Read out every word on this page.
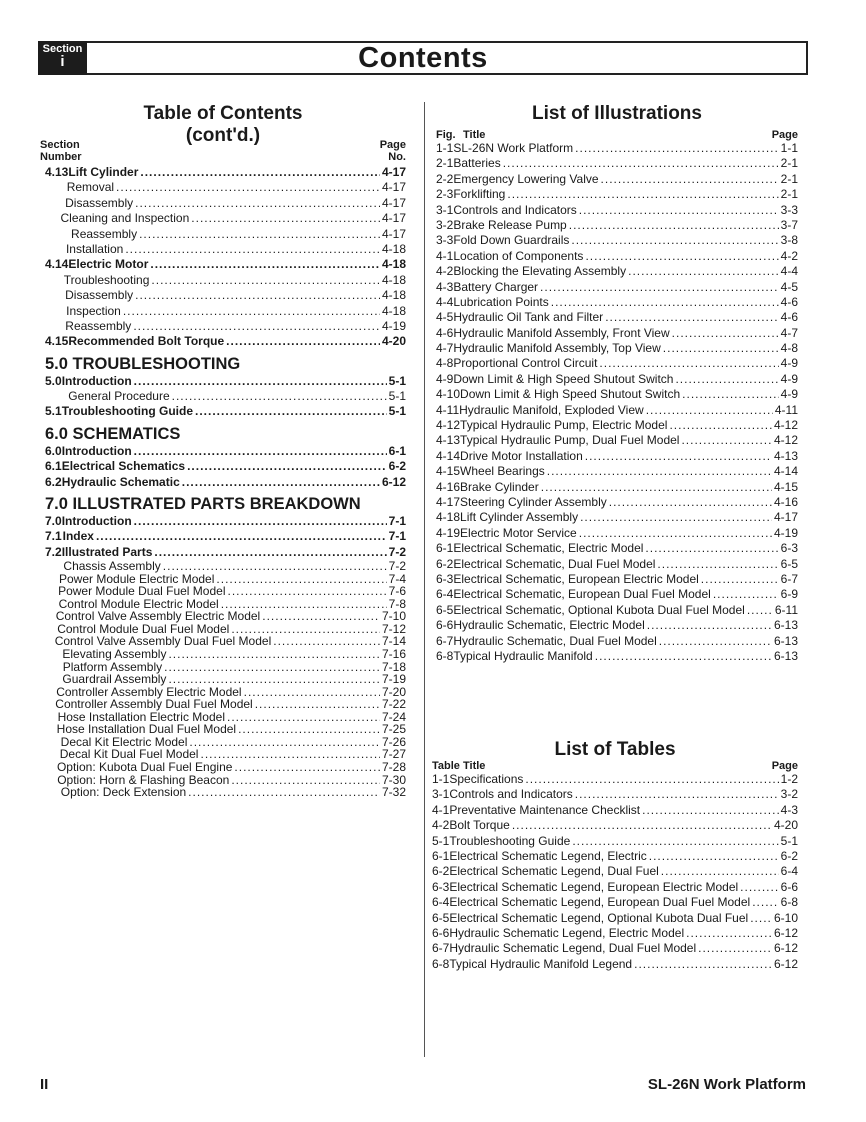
Section
i	Contents
Table of Contents
(cont'd.)
Section
Number
Page
No.
4.13 Lift Cylinder .....	4-17
Removal .....	4-17
Disassembly .....	4-17
Cleaning and Inspection .....	4-17
Reassembly .....	4-17
Installation .....	4-18
4.14 Electric Motor .....	4-18
Troubleshooting .....	4-18
Disassembly .....	4-18
Inspection .....	4-18
Reassembly .....	4-19
4.15 Recommended Bolt Torque .....	4-20
5.0 TROUBLESHOOTING
5.0 Introduction .....	5-1
General Procedure .....	5-1
5.1 Troubleshooting Guide .....	5-1
6.0 SCHEMATICS
6.0 Introduction .....	6-1
6.1 Electrical Schematics .....	6-2
6.2 Hydraulic Schematic .....	6-12
7.0 ILLUSTRATED PARTS BREAKDOWN
7.0 Introduction .....	7-1
7.1 Index .....	7-1
7.2 Illustrated Parts .....	7-2
Chassis Assembly .....	7-2
Power Module Electric Model .....	7-4
Power Module Dual Fuel Model .....	7-6
Control Module Electric Model .....	7-8
Control Valve Assembly Electric Model .....	7-10
Control Module Dual Fuel Model .....	7-12
Control Valve Assembly Dual Fuel Model .....	7-14
Elevating Assembly .....	7-16
Platform Assembly .....	7-18
Guardrail Assembly .....	7-19
Controller Assembly Electric Model .....	7-20
Controller Assembly Dual Fuel Model .....	7-22
Hose Installation Electric Model .....	7-24
Hose Installation Dual Fuel Model .....	7-25
Decal Kit Electric Model .....	7-26
Decal Kit Dual Fuel Model .....	7-27
Option: Kubota Dual Fuel Engine .....	7-28
Option: Horn & Flashing Beacon .....	7-30
Option: Deck Extension .....	7-32
List of Illustrations
Fig. Title	Page
1-1 SL-26N Work Platform .....	1-1
2-1 Batteries .....	2-1
2-2 Emergency Lowering Valve .....	2-1
2-3 Forklifting .....	2-1
3-1 Controls and Indicators .....	3-3
3-2 Brake Release Pump .....	3-7
3-3 Fold Down Guardrails .....	3-8
4-1 Location of Components .....	4-2
4-2 Blocking the Elevating Assembly .....	4-4
4-3 Battery Charger .....	4-5
4-4 Lubrication Points .....	4-6
4-5 Hydraulic Oil Tank and Filter .....	4-6
4-6 Hydraulic Manifold Assembly, Front View .....	4-7
4-7 Hydraulic Manifold Assembly, Top View .....	4-8
4-8 Proportional Control Circuit .....	4-9
4-9 Down Limit & High Speed Shutout Switch .....	4-9
4-10 Down Limit & High Speed Shutout Switch .....	4-9
4-11 Hydraulic Manifold, Exploded View .....	4-11
4-12 Typical Hydraulic Pump, Electric Model .....	4-12
4-13 Typical Hydraulic Pump, Dual Fuel Model .....	4-12
4-14 Drive Motor Installation .....	4-13
4-15 Wheel Bearings .....	4-14
4-16 Brake Cylinder .....	4-15
4-17 Steering Cylinder Assembly .....	4-16
4-18 Lift Cylinder Assembly .....	4-17
4-19 Electric Motor Service .....	4-19
6-1 Electrical Schematic, Electric Model .....	6-3
6-2 Electrical Schematic, Dual Fuel Model .....	6-5
6-3 Electrical Schematic, European Electric Model .....	6-7
6-4 Electrical Schematic, European Dual Fuel Model .....	6-9
6-5 Electrical Schematic, Optional Kubota Dual Fuel Model .....	6-11
6-6 Hydraulic Schematic, Electric Model .....	6-13
6-7 Hydraulic Schematic, Dual Fuel Model .....	6-13
6-8 Typical Hydraulic Manifold .....	6-13
List of Tables
Table Title	Page
1-1 Specifications .....	1-2
3-1 Controls and Indicators .....	3-2
4-1 Preventative Maintenance Checklist .....	4-3
4-2 Bolt Torque .....	4-20
5-1 Troubleshooting Guide .....	5-1
6-1 Electrical Schematic Legend, Electric .....	6-2
6-2 Electrical Schematic Legend, Dual Fuel .....	6-4
6-3 Electrical Schematic Legend, European Electric Model .....	6-6
6-4 Electrical Schematic Legend, European Dual Fuel Model .....	6-8
6-5 Electrical Schematic Legend, Optional Kubota Dual Fuel ..... 6-10
6-6 Hydraulic Schematic Legend, Electric Model .....	6-12
6-7 Hydraulic Schematic Legend, Dual Fuel Model .....	6-12
6-8 Typical Hydraulic Manifold Legend .....	6-12
II	SL-26N Work Platform
